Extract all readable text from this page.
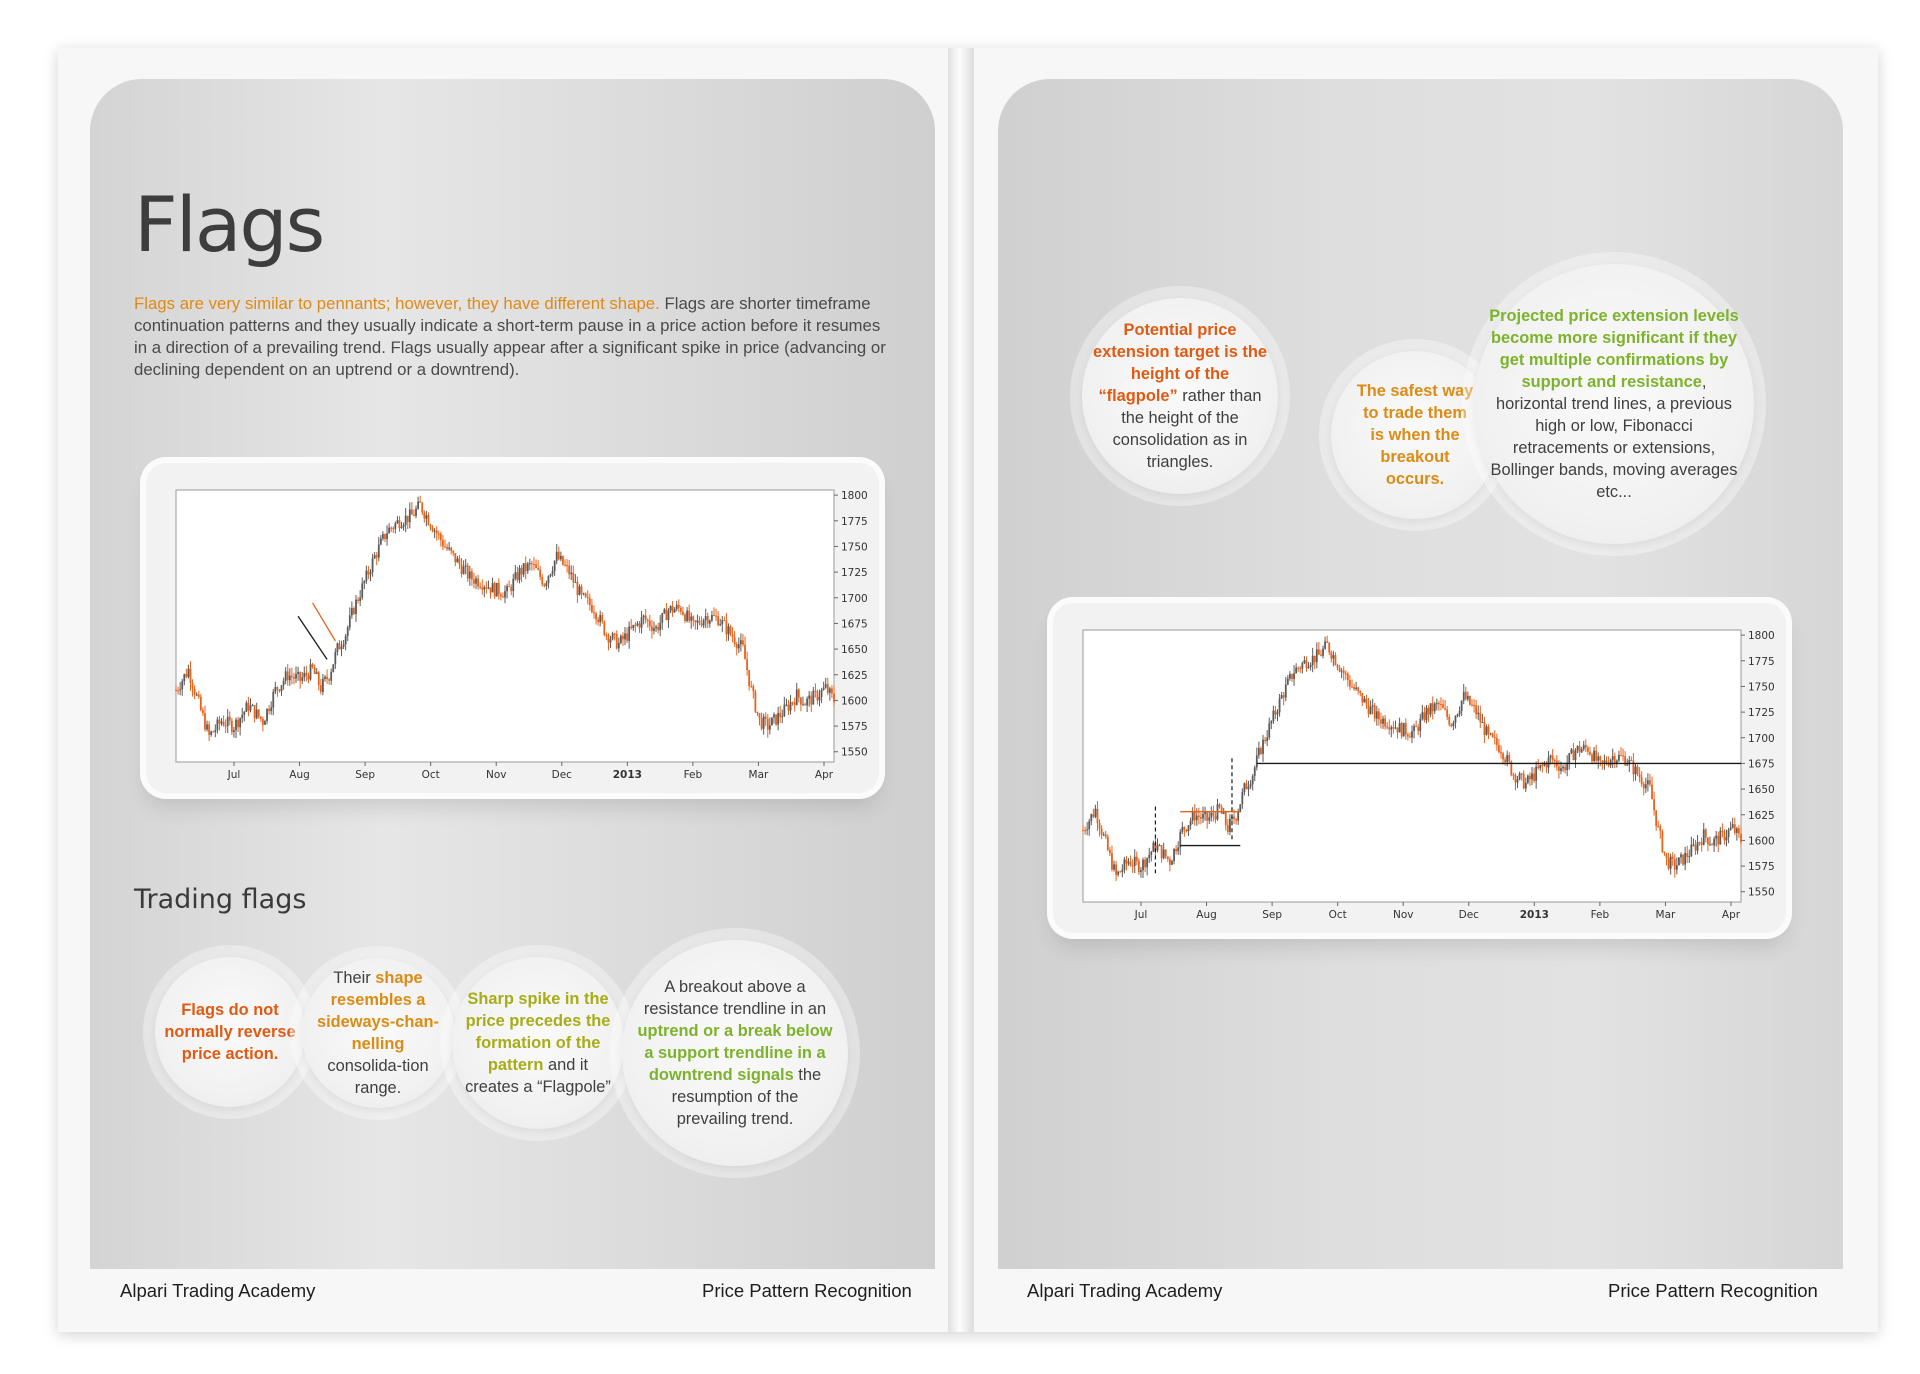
Flags

Flags are very similar to pennants; however, they have different shape. Flags are shorter timeframe continuation patterns and they usually indicate a short-term pause in a price action before it resumes in a direction of a prevailing trend. Flags usually appear after a significant spike in price (advancing or declining dependent on an uptrend or a downtrend).

1800
1775
1750
1725
1700
1675
1650
1625
1600
1575
1550
Jul	Aug	Sep	Oct	Nov	Dec	2013	Feb	Mar	Apr
Trading flags

Flags do not normally reverse price action.

Their shape resembles a sideways-chan-nelling consolida-tion range.

Sharp spike in the price precedes the formation of the pattern and it creates a “Flagpole”

A breakout above a resistance trendline in an uptrend or a break below a support trendline in a downtrend signals the resumption of the prevailing trend.

Alpari Trading Academy	Price Pattern Recognition

Potential price extension target is the height of the “flagpole” rather than the height of the consolidation as in triangles.

The safest way to trade them is when the breakout occurs.

Projected price extension levels become more significant if they get multiple confirmations by support and resistance, horizontal trend lines, a previous high or low, Fibonacci retracements or extensions, Bollinger bands, moving averages etc...

1800
1775
1750
1725
1700
1675
1650
1625
1600
1575
1550
Jul	Aug	Sep	Oct	Nov	Dec	2013	Feb	Mar	Apr
Alpari Trading Academy	Price Pattern Recognition
